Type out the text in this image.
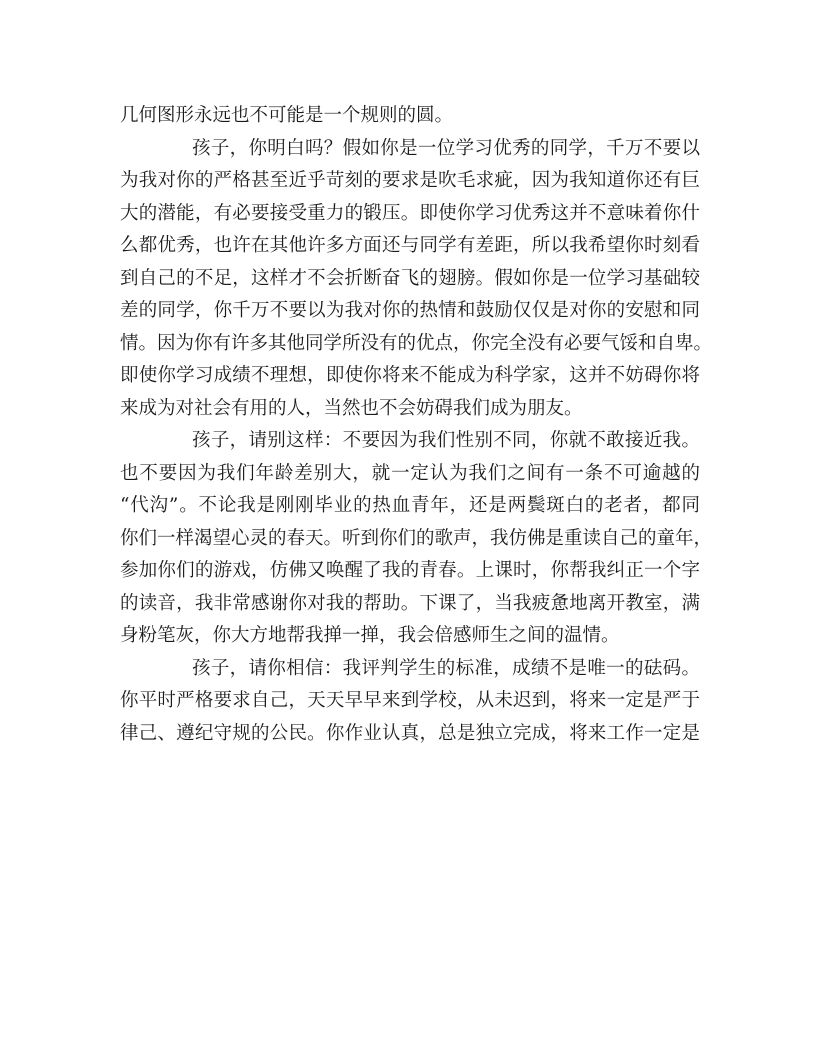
几何图形永远也不可能是一个规则的圆。
孩子，你明白吗？假如你是一位学习优秀的同学，千万不要以
为我对你的严格甚至近乎苛刻的要求是吹毛求疵，因为我知道你还有巨
大的潜能，有必要接受重力的锻压。即使你学习优秀这并不意味着你什
么都优秀，也许在其他许多方面还与同学有差距，所以我希望你时刻看
到自己的不足，这样才不会折断奋飞的翅膀。假如你是一位学习基础较
差的同学，你千万不要以为我对你的热情和鼓励仅仅是对你的安慰和同
情。因为你有许多其他同学所没有的优点，你完全没有必要气馁和自卑。
即使你学习成绩不理想，即使你将来不能成为科学家，这并不妨碍你将
来成为对社会有用的人，当然也不会妨碍我们成为朋友。
孩子，请别这样：不要因为我们性别不同，你就不敢接近我。
也不要因为我们年龄差别大，就一定认为我们之间有一条不可逾越的
“代沟”。不论我是刚刚毕业的热血青年，还是两鬓斑白的老者，都同
你们一样渴望心灵的春天。听到你们的歌声，我仿佛是重读自己的童年，
参加你们的游戏，仿佛又唤醒了我的青春。上课时，你帮我纠正一个字
的读音，我非常感谢你对我的帮助。下课了，当我疲惫地离开教室，满
身粉笔灰，你大方地帮我掸一掸，我会倍感师生之间的温情。
孩子，请你相信：我评判学生的标准，成绩不是唯一的砝码。
你平时严格要求自己，天天早早来到学校，从未迟到，将来一定是严于
律己、遵纪守规的公民。你作业认真，总是独立完成，将来工作一定是
